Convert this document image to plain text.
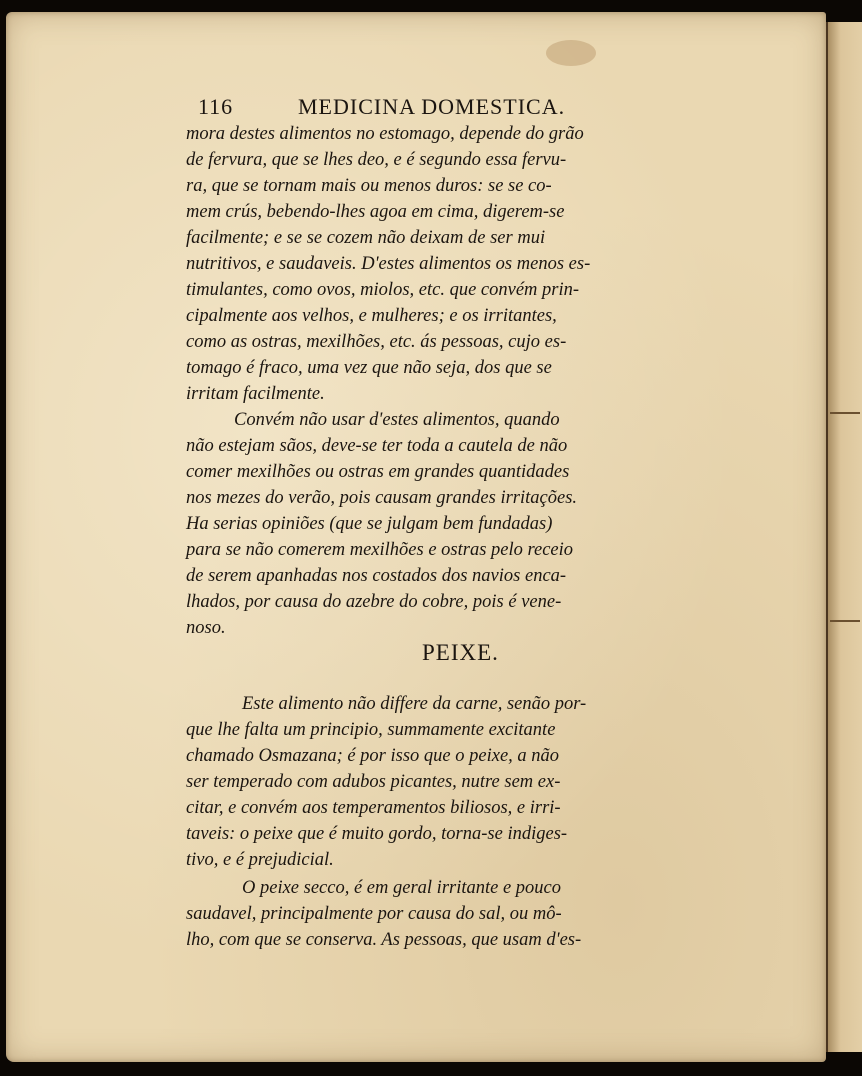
116	MEDICINA DOMESTICA.
mora destes alimentos no estomago, depende do grão
de fervura, que se lhes deo, e é segundo essa fervu-
ra, que se tornam mais ou menos duros: se se co-
mem crús, bebendo-lhes agoa em cima, digerem-se
facilmente; e se se cozem não deixam de ser mui
nutritivos, e saudaveis. D'estes alimentos os menos es-
timulantes, como ovos, miolos, etc. que convém prin-
cipalmente aos velhos, e mulheres; e os irritantes,
como as ostras, mexilhões, etc. ás pessoas, cujo es-
tomago é fraco, uma vez que não seja, dos que se
irritam facilmente.
Convém não usar d'estes alimentos, quando
não estejam sãos, deve-se ter toda a cautela de não
comer mexilhões ou ostras em grandes quantidades
nos mezes do verão, pois causam grandes irritações.
Ha serias opiniões (que se julgam bem fundadas)
para se não comerem mexilhões e ostras pelo receio
de serem apanhadas nos costados dos navios enca-
lhados, por causa do azebre do cobre, pois é vene-
noso.
PEIXE.
Este alimento não differe da carne, senão por-
que lhe falta um principio, summamente excitante
chamado Osmazana; é por isso que o peixe, a não
ser temperado com adubos picantes, nutre sem ex-
citar, e convém aos temperamentos biliosos, e irri-
taveis: o peixe que é muito gordo, torna-se indiges-
tivo, e é prejudicial.
O peixe secco, é em geral irritante e pouco
saudavel, principalmente por causa do sal, ou mô-
lho, com que se conserva. As pessoas, que usam d'es-
